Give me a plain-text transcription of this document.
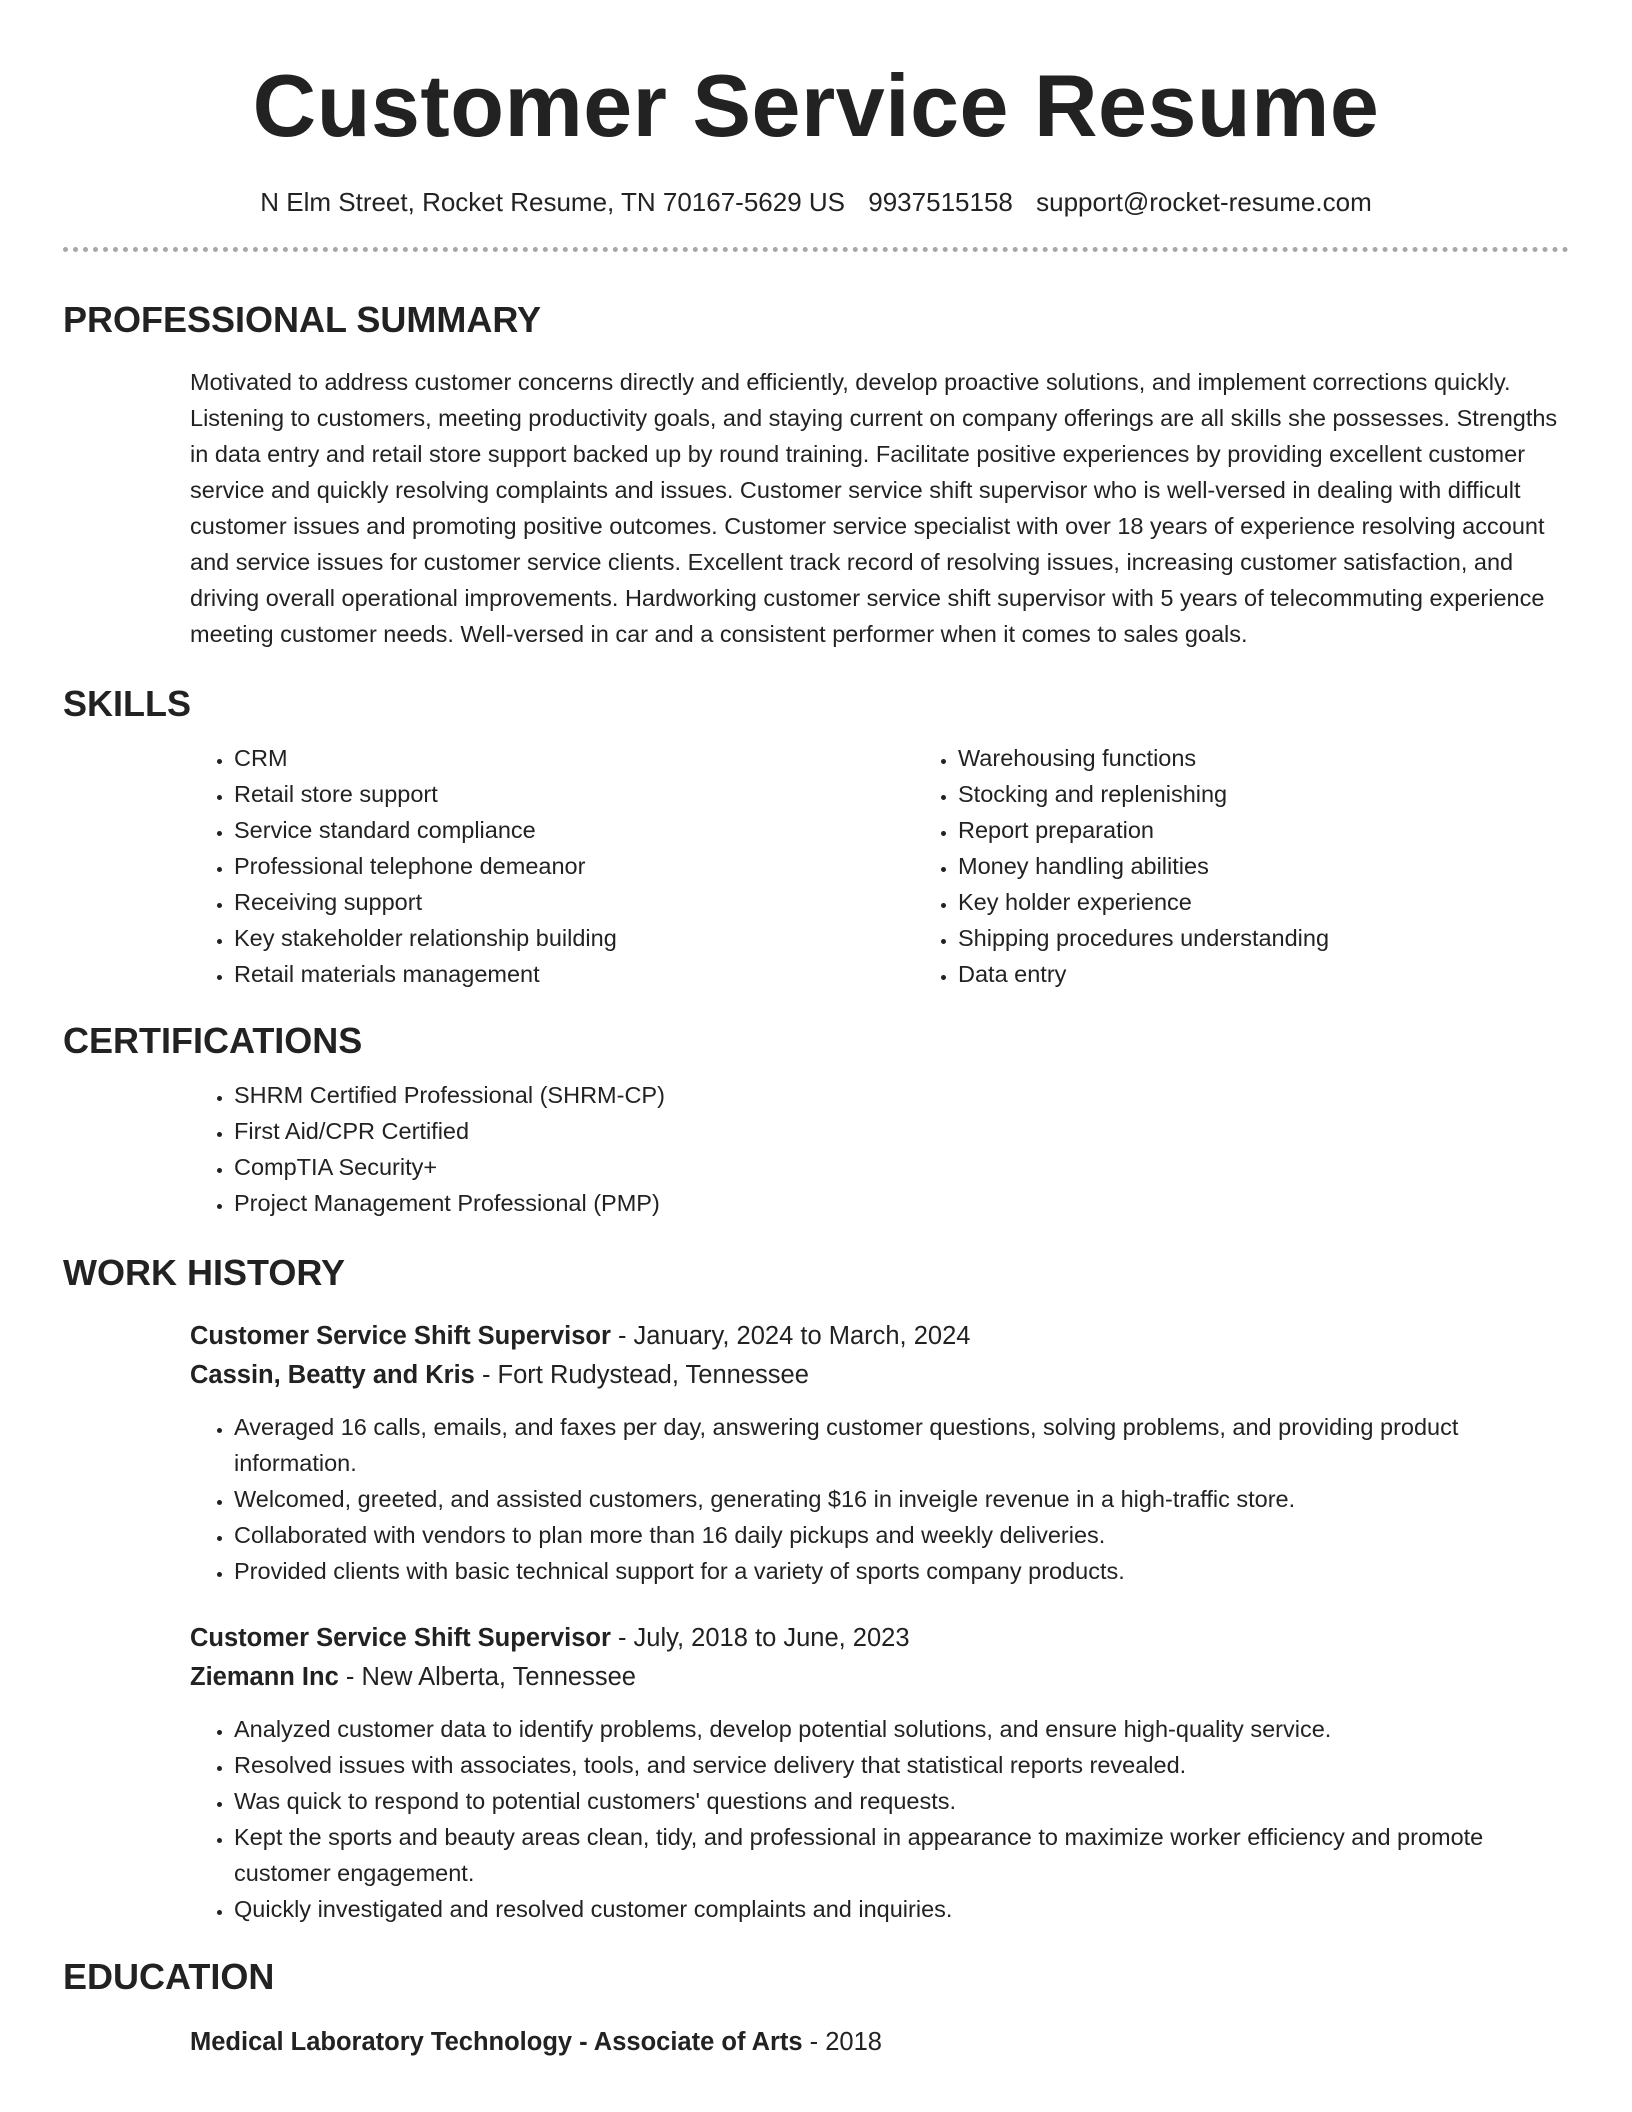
Customer Service Resume
N Elm Street, Rocket Resume, TN 70167-5629 US 9937515158 support@rocket-resume.com
PROFESSIONAL SUMMARY

Motivated to address customer concerns directly and efficiently, develop proactive solutions, and implement corrections quickly. Listening to customers, meeting productivity goals, and staying current on company offerings are all skills she possesses. Strengths in data entry and retail store support backed up by round training. Facilitate positive experiences by providing excellent customer service and quickly resolving complaints and issues. Customer service shift supervisor who is well-versed in dealing with difficult customer issues and promoting positive outcomes. Customer service specialist with over 18 years of experience resolving account and service issues for customer service clients. Excellent track record of resolving issues, increasing customer satisfaction, and driving overall operational improvements. Hardworking customer service shift supervisor with 5 years of telecommuting experience meeting customer needs. Well-versed in car and a consistent performer when it comes to sales goals.

SKILLS
• CRM
• Retail store support
• Service standard compliance
• Professional telephone demeanor
• Receiving support
• Key stakeholder relationship building
• Retail materials management
• Warehousing functions
• Stocking and replenishing
• Report preparation
• Money handling abilities
• Key holder experience
• Shipping procedures understanding
• Data entry
CERTIFICATIONS
• SHRM Certified Professional (SHRM-CP)
• First Aid/CPR Certified
• CompTIA Security+
• Project Management Professional (PMP)
WORK HISTORY
Customer Service Shift Supervisor - January, 2024 to March, 2024
Cassin, Beatty and Kris - Fort Rudystead, Tennessee
• Averaged 16 calls, emails, and faxes per day, answering customer questions, solving problems, and providing product information.
• Welcomed, greeted, and assisted customers, generating $16 in inveigle revenue in a high-traffic store.
• Collaborated with vendors to plan more than 16 daily pickups and weekly deliveries.
• Provided clients with basic technical support for a variety of sports company products.
Customer Service Shift Supervisor - July, 2018 to June, 2023
Ziemann Inc - New Alberta, Tennessee
• Analyzed customer data to identify problems, develop potential solutions, and ensure high-quality service.
• Resolved issues with associates, tools, and service delivery that statistical reports revealed.
• Was quick to respond to potential customers' questions and requests.
• Kept the sports and beauty areas clean, tidy, and professional in appearance to maximize worker efficiency and promote customer engagement.
• Quickly investigated and resolved customer complaints and inquiries.
EDUCATION
Medical Laboratory Technology - Associate of Arts - 2018
